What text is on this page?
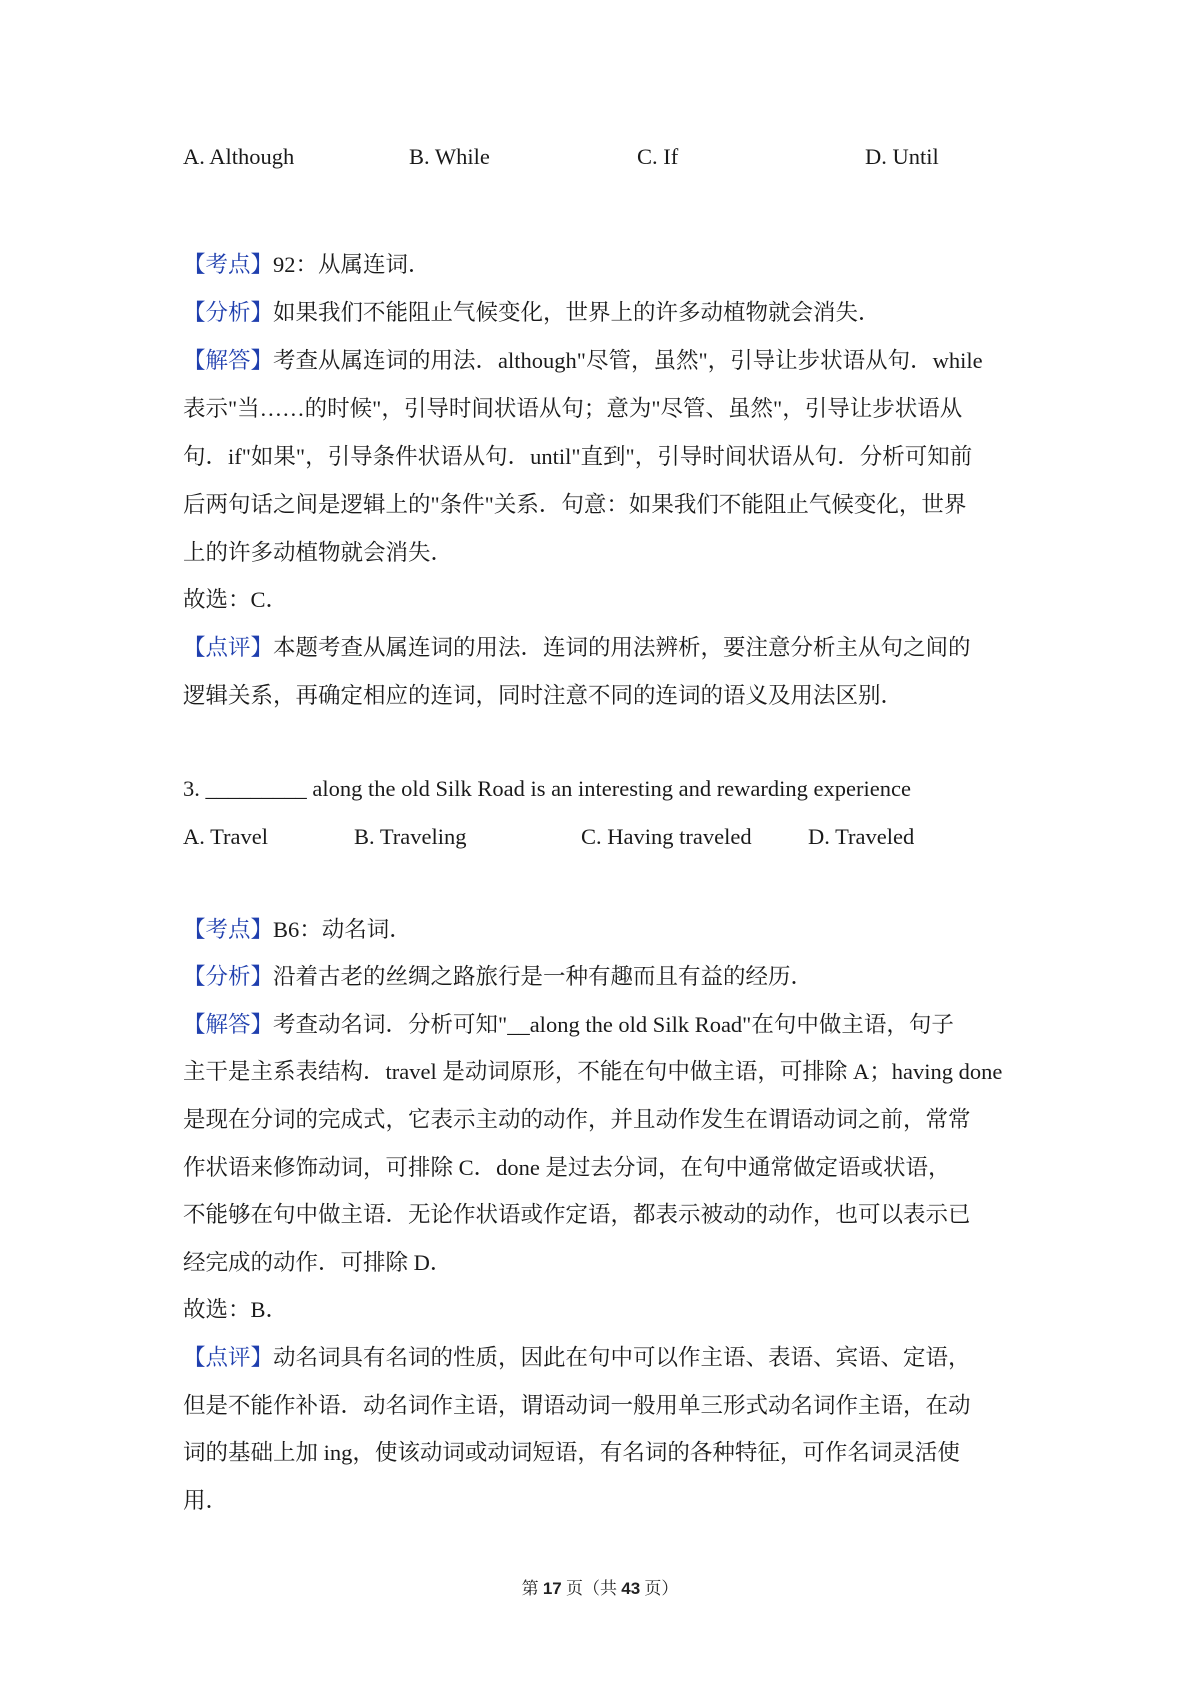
A. Although	B. While	C. If	D. Until
【考点】92：从属连词．
【分析】如果我们不能阻止气候变化，世界上的许多动植物就会消失．
【解答】考查从属连词的用法．although"尽管，虽然"，引导让步状语从句．while
表示"当……的时候"，引导时间状语从句；意为"尽管、虽然"，引导让步状语从
句．if"如果"，引导条件状语从句．until"直到"，引导时间状语从句．分析可知前
后两句话之间是逻辑上的"条件"关系．句意：如果我们不能阻止气候变化，世界
上的许多动植物就会消失．
故选：C．
【点评】本题考查从属连词的用法．连词的用法辨析，要注意分析主从句之间的
逻辑关系，再确定相应的连词，同时注意不同的连词的语义及用法区别．
3. _________ along the old Silk Road is an interesting and rewarding experience
A. Travel	B. Traveling	C. Having traveled	D. Traveled
【考点】B6：动名词．
【分析】沿着古老的丝绸之路旅行是一种有趣而且有益的经历．
【解答】考查动名词．分析可知"__along the old Silk Road"在句中做主语，句子
主干是主系表结构．travel 是动词原形，不能在句中做主语，可排除 A；having done
是现在分词的完成式，它表示主动的动作，并且动作发生在谓语动词之前，常常
作状语来修饰动词，可排除 C．done 是过去分词，在句中通常做定语或状语，
不能够在句中做主语．无论作状语或作定语，都表示被动的动作，也可以表示已
经完成的动作．可排除 D．
故选：B．
【点评】动名词具有名词的性质，因此在句中可以作主语、表语、宾语、定语，
但是不能作补语．动名词作主语，谓语动词一般用单三形式动名词作主语，在动
词的基础上加 ing，使该动词或动词短语，有名词的各种特征，可作名词灵活使
用．
第 17 页（共 43 页）
